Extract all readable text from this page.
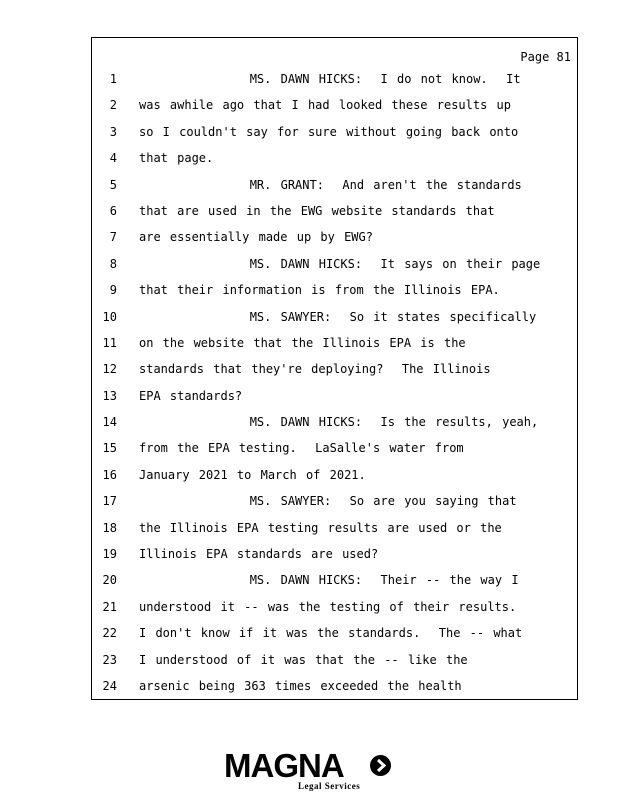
Page 81
1 MS. DAWN HICKS:  I do not know.  It
2 was awhile ago that I had looked these results up
3 so I couldn't say for sure without going back onto
4 that page.
5 MR. GRANT:  And aren't the standards
6 that are used in the EWG website standards that
7 are essentially made up by EWG?
8 MS. DAWN HICKS:  It says on their page
9 that their information is from the Illinois EPA.
10 MS. SAWYER:  So it states specifically
11 on the website that the Illinois EPA is the
12 standards that they're deploying?  The Illinois
13 EPA standards?
14 MS. DAWN HICKS:  Is the results, yeah,
15 from the EPA testing.  LaSalle's water from
16 January 2021 to March of 2021.
17 MS. SAWYER:  So are you saying that
18 the Illinois EPA testing results are used or the
19 Illinois EPA standards are used?
20 MS. DAWN HICKS:  Their -- the way I
21 understood it -- was the testing of their results.
22 I don't know if it was the standards.  The -- what
23 I understood of it was that the -- like the
24 arsenic being 363 times exceeded the health
MAGNA
Legal Services
